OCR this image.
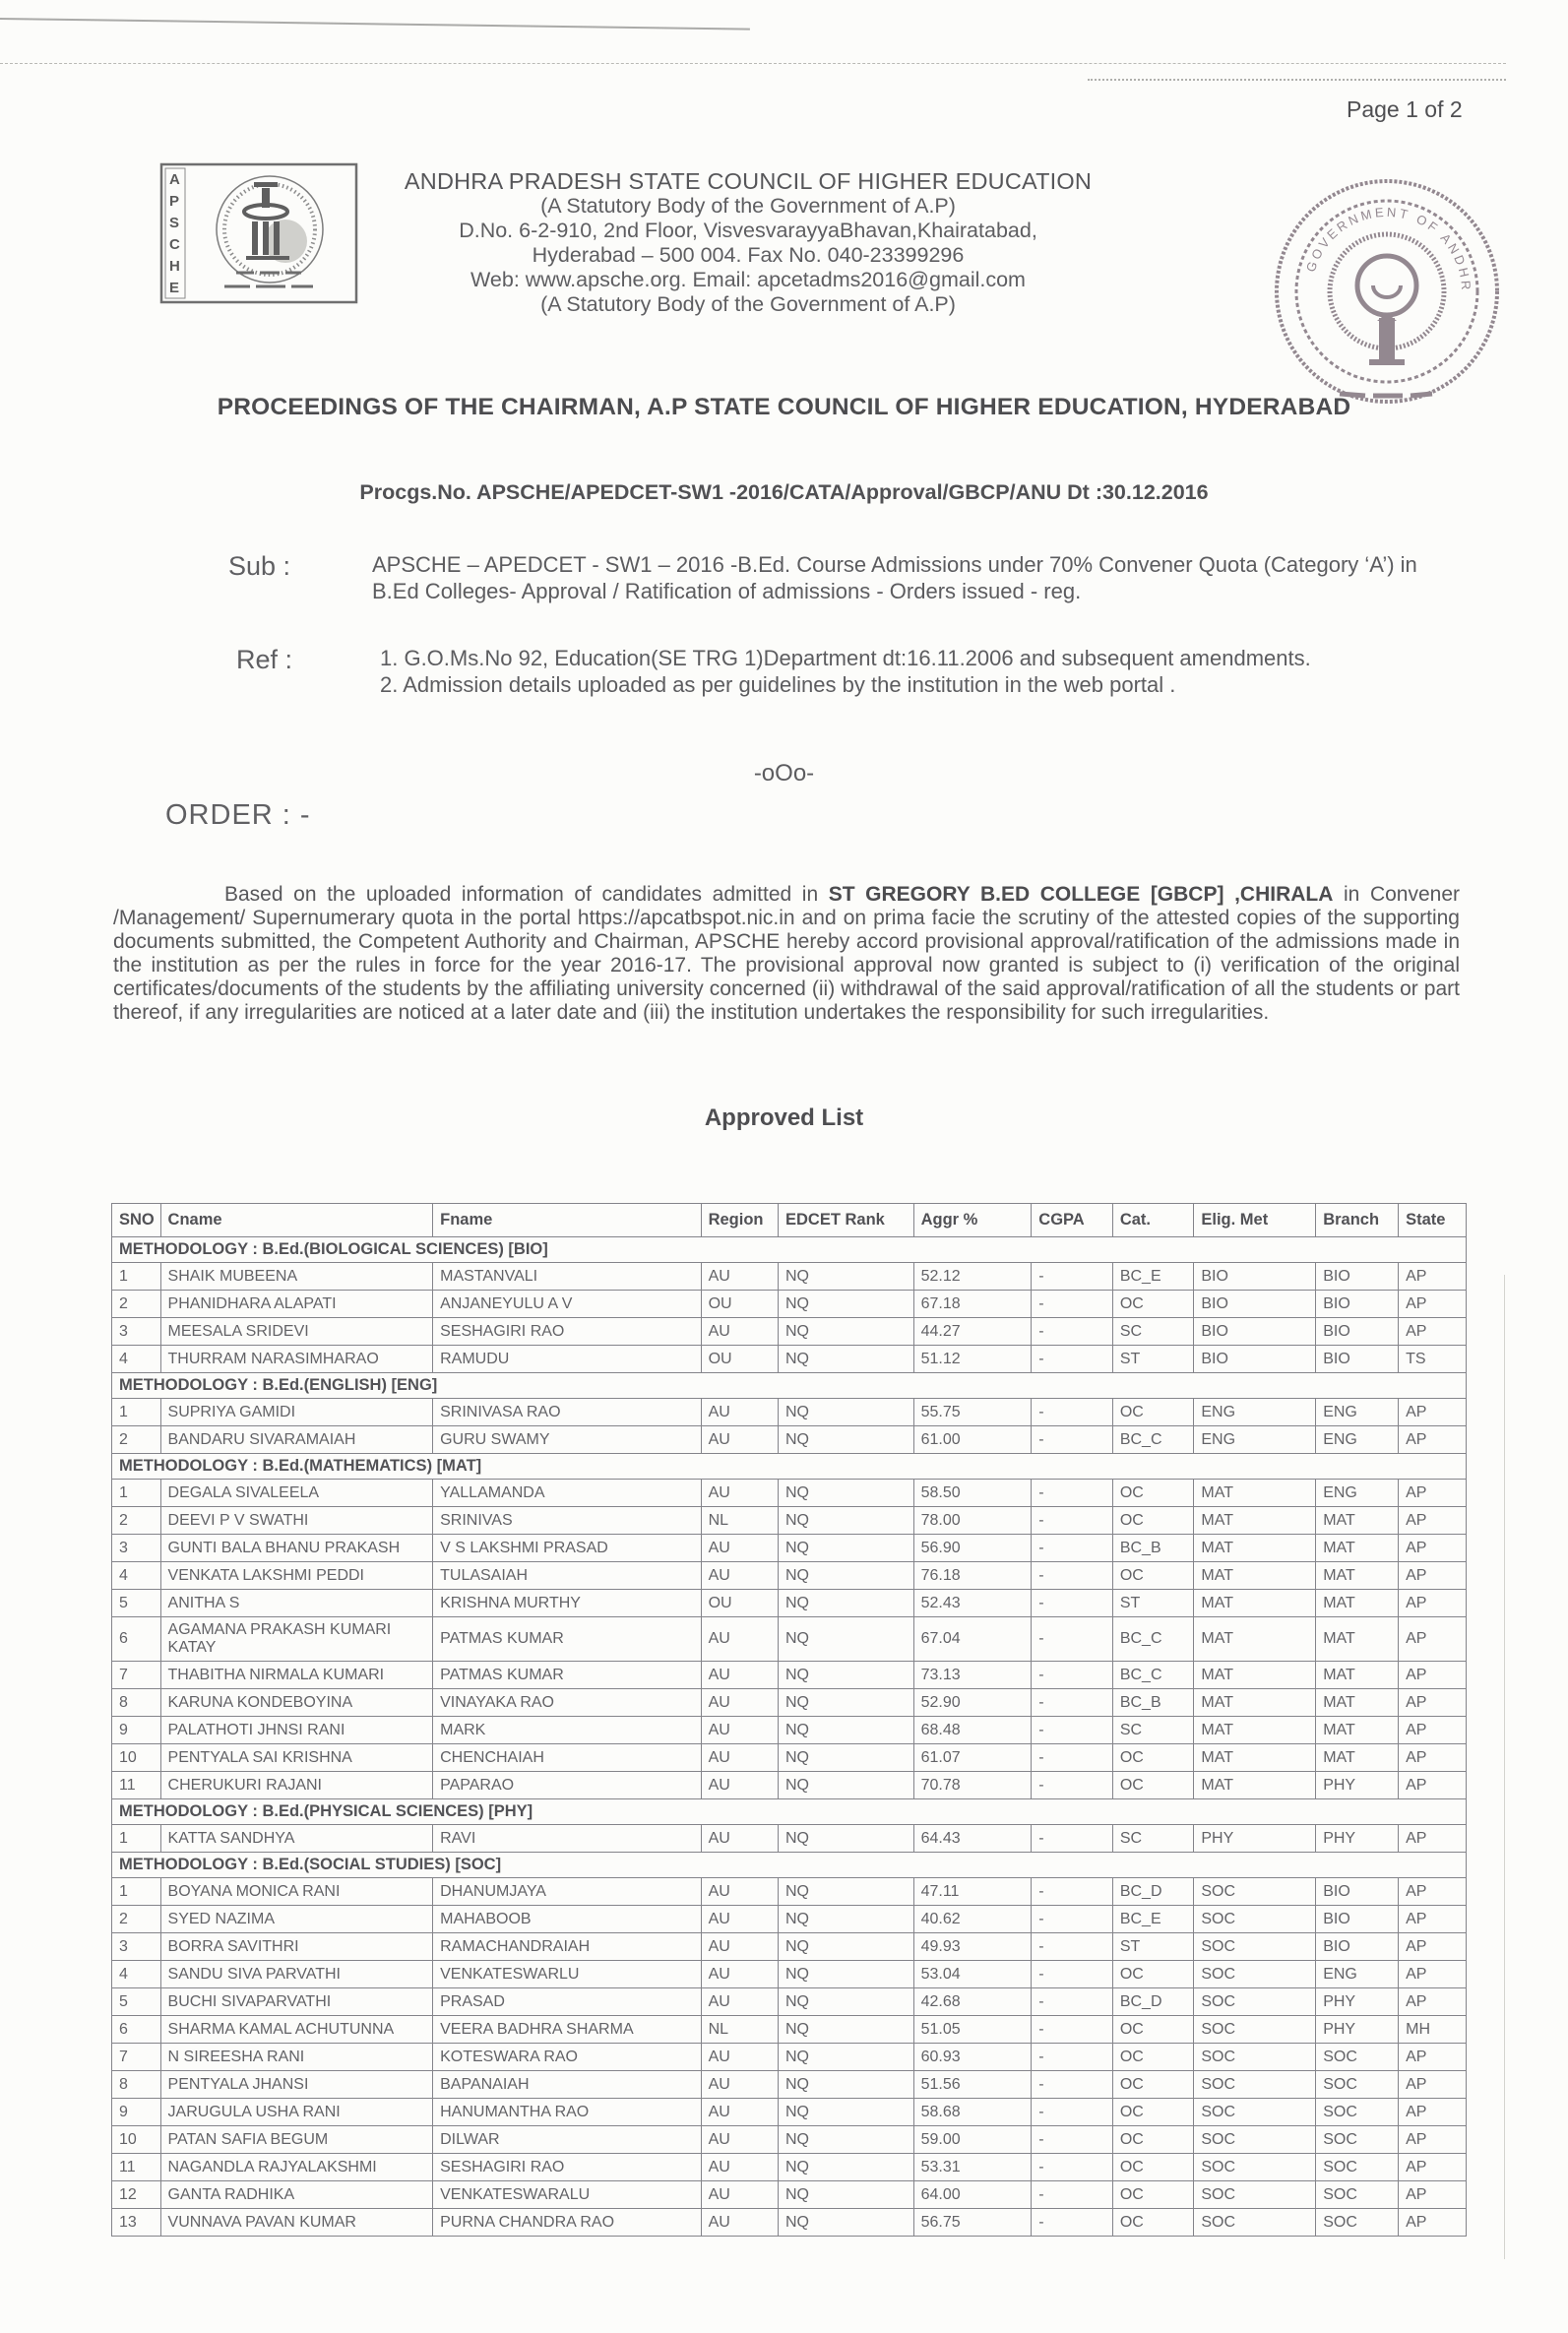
Page 1 of 2
A
P
S
C
H
E
ANDHRA PRADESH STATE COUNCIL OF HIGHER EDUCATION
(A Statutory Body of the Government of A.P)
D.No. 6-2-910, 2nd Floor, VisvesvarayyaBhavan,Khairatabad,
Hyderabad – 500 004. Fax No. 040-23399296
Web: www.apsche.org. Email: apcetadms2016@gmail.com
(A Statutory Body of the Government of A.P)
GOVERNMENT OF ANDHR
PROCEEDINGS OF THE CHAIRMAN, A.P STATE COUNCIL OF HIGHER EDUCATION, HYDERABAD
Procgs.No. APSCHE/APEDCET-SW1 -2016/CATA/Approval/GBCP/ANU Dt :30.12.2016
Sub :	APSCHE – APEDCET - SW1 – 2016 -B.Ed. Course Admissions under 70% Convener Quota (Category ‘A’) in B.Ed Colleges- Approval / Ratification of admissions - Orders issued - reg.
Ref :	1. G.O.Ms.No 92, Education(SE TRG 1)Department dt:16.11.2006 and subsequent amendments.
2. Admission details uploaded as per guidelines by the institution in the web portal .
-oOo-
ORDER : -
Based on the uploaded information of candidates admitted in ST GREGORY B.ED COLLEGE [GBCP] ,CHIRALA in Convener /Management/ Supernumerary quota in the portal https://apcatbspot.nic.in and on prima facie the scrutiny of the attested copies of the supporting documents submitted, the Competent Authority and Chairman, APSCHE hereby accord provisional approval/ratification of the admissions made in the institution as per the rules in force for the year 2016-17. The provisional approval now granted is subject to (i) verification of the original certificates/documents of the students by the affiliating university concerned (ii) withdrawal of the said approval/ratification of all the students or part thereof, if any irregularities are noticed at a later date and (iii) the institution undertakes the responsibility for such irregularities.
Approved List
SNO	Cname	Fname	Region	EDCET Rank	Aggr %	CGPA	Cat.	Elig. Met	Branch	State
METHODOLOGY : B.Ed.(BIOLOGICAL SCIENCES) [BIO]										
1	SHAIK MUBEENA	MASTANVALI	AU	NQ	52.12	-	BC_E	BIO	BIO	AP
2	PHANIDHARA ALAPATI	ANJANEYULU A V	OU	NQ	67.18	-	OC	BIO	BIO	AP
3	MEESALA SRIDEVI	SESHAGIRI RAO	AU	NQ	44.27	-	SC	BIO	BIO	AP
4	THURRAM NARASIMHARAO	RAMUDU	OU	NQ	51.12	-	ST	BIO	BIO	TS
METHODOLOGY : B.Ed.(ENGLISH) [ENG]										
1	SUPRIYA GAMIDI	SRINIVASA RAO	AU	NQ	55.75	-	OC	ENG	ENG	AP
2	BANDARU SIVARAMAIAH	GURU SWAMY	AU	NQ	61.00	-	BC_C	ENG	ENG	AP
METHODOLOGY : B.Ed.(MATHEMATICS) [MAT]										
1	DEGALA SIVALEELA	YALLAMANDA	AU	NQ	58.50	-	OC	MAT	ENG	AP
2	DEEVI P V SWATHI	SRINIVAS	NL	NQ	78.00	-	OC	MAT	MAT	AP
3	GUNTI BALA BHANU PRAKASH	V S LAKSHMI PRASAD	AU	NQ	56.90	-	BC_B	MAT	MAT	AP
4	VENKATA LAKSHMI PEDDI	TULASAIAH	AU	NQ	76.18	-	OC	MAT	MAT	AP
5	ANITHA S	KRISHNA MURTHY	OU	NQ	52.43	-	ST	MAT	MAT	AP
6	AGAMANA PRAKASH KUMARI KATAY	PATMAS KUMAR	AU	NQ	67.04	-	BC_C	MAT	MAT	AP
7	THABITHA NIRMALA KUMARI	PATMAS KUMAR	AU	NQ	73.13	-	BC_C	MAT	MAT	AP
8	KARUNA KONDEBOYINA	VINAYAKA RAO	AU	NQ	52.90	-	BC_B	MAT	MAT	AP
9	PALATHOTI JHNSI RANI	MARK	AU	NQ	68.48	-	SC	MAT	MAT	AP
10	PENTYALA SAI KRISHNA	CHENCHAIAH	AU	NQ	61.07	-	OC	MAT	MAT	AP
11	CHERUKURI RAJANI	PAPARAO	AU	NQ	70.78	-	OC	MAT	PHY	AP
METHODOLOGY : B.Ed.(PHYSICAL SCIENCES) [PHY]										
1	KATTA SANDHYA	RAVI	AU	NQ	64.43	-	SC	PHY	PHY	AP
METHODOLOGY : B.Ed.(SOCIAL STUDIES) [SOC]										
1	BOYANA MONICA RANI	DHANUMJAYA	AU	NQ	47.11	-	BC_D	SOC	BIO	AP
2	SYED NAZIMA	MAHABOOB	AU	NQ	40.62	-	BC_E	SOC	BIO	AP
3	BORRA SAVITHRI	RAMACHANDRAIAH	AU	NQ	49.93	-	ST	SOC	BIO	AP
4	SANDU SIVA PARVATHI	VENKATESWARLU	AU	NQ	53.04	-	OC	SOC	ENG	AP
5	BUCHI SIVAPARVATHI	PRASAD	AU	NQ	42.68	-	BC_D	SOC	PHY	AP
6	SHARMA KAMAL ACHUTUNNA	VEERA BADHRA SHARMA	NL	NQ	51.05	-	OC	SOC	PHY	MH
7	N SIREESHA RANI	KOTESWARA RAO	AU	NQ	60.93	-	OC	SOC	SOC	AP
8	PENTYALA JHANSI	BAPANAIAH	AU	NQ	51.56	-	OC	SOC	SOC	AP
9	JARUGULA USHA RANI	HANUMANTHA RAO	AU	NQ	58.68	-	OC	SOC	SOC	AP
10	PATAN SAFIA BEGUM	DILWAR	AU	NQ	59.00	-	OC	SOC	SOC	AP
11	NAGANDLA RAJYALAKSHMI	SESHAGIRI RAO	AU	NQ	53.31	-	OC	SOC	SOC	AP
12	GANTA RADHIKA	VENKATESWARALU	AU	NQ	64.00	-	OC	SOC	SOC	AP
13	VUNNAVA PAVAN KUMAR	PURNA CHANDRA RAO	AU	NQ	56.75	-	OC	SOC	SOC	AP
